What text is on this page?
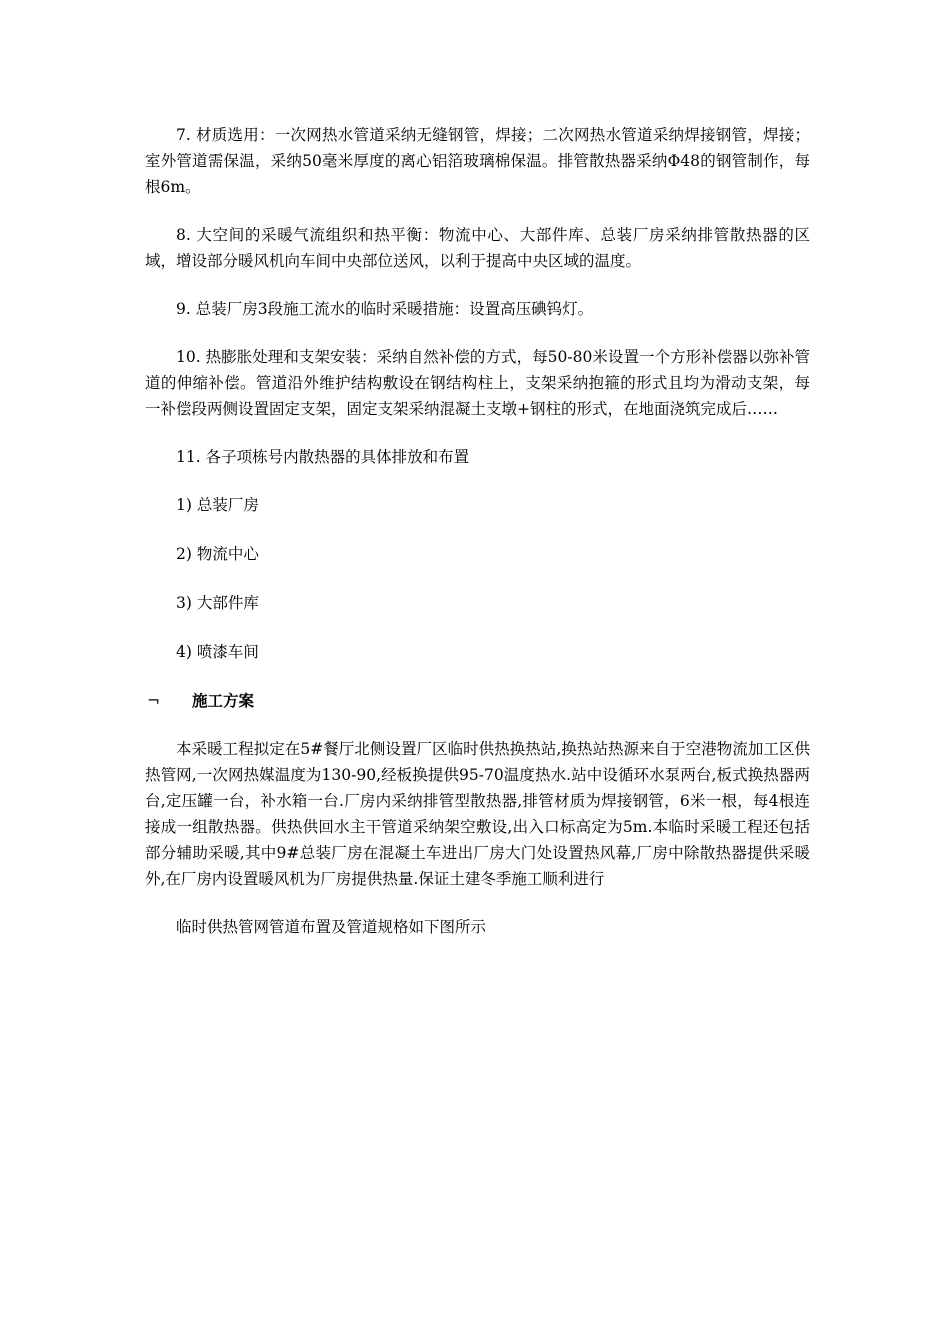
7. 材质选用：一次网热水管道采纳无缝钢管，焊接；二次网热水管道采纳焊接钢管，焊接；室外管道需保温，采纳50毫米厚度的离心铝箔玻璃棉保温。排管散热器采纳Φ48的钢管制作，每根6m。

8. 大空间的采暖气流组织和热平衡：物流中心、大部件库、总装厂房采纳排管散热器的区域，增设部分暖风机向车间中央部位送风，以利于提高中央区域的温度。

9. 总装厂房3段施工流水的临时采暖措施：设置高压碘钨灯。

10. 热膨胀处理和支架安装：采纳自然补偿的方式，每50-80米设置一个方形补偿器以弥补管道的伸缩补偿。管道沿外维护结构敷设在钢结构柱上，支架采纳抱箍的形式且均为滑动支架，每一补偿段两侧设置固定支架，固定支架采纳混凝土支墩+钢柱的形式，在地面浇筑完成后……

11. 各子项栋号内散热器的具体排放和布置

1) 总装厂房

2) 物流中心

3) 大部件库

4) 喷漆车间

¬	施工方案

本采暖工程拟定在5#餐厅北侧设置厂区临时供热换热站,换热站热源来自于空港物流加工区供热管网,一次网热媒温度为130-90,经板换提供95-70温度热水.站中设循环水泵两台,板式换热器两台,定压罐一台，补水箱一台.厂房内采纳排管型散热器,排管材质为焊接钢管，6米一根，每4根连接成一组散热器。供热供回水主干管道采纳架空敷设,出入口标高定为5m.本临时采暖工程还包括部分辅助采暖,其中9#总装厂房在混凝土车进出厂房大门处设置热风幕,厂房中除散热器提供采暖外,在厂房内设置暖风机为厂房提供热量.保证土建冬季施工顺利进行

临时供热管网管道布置及管道规格如下图所示
